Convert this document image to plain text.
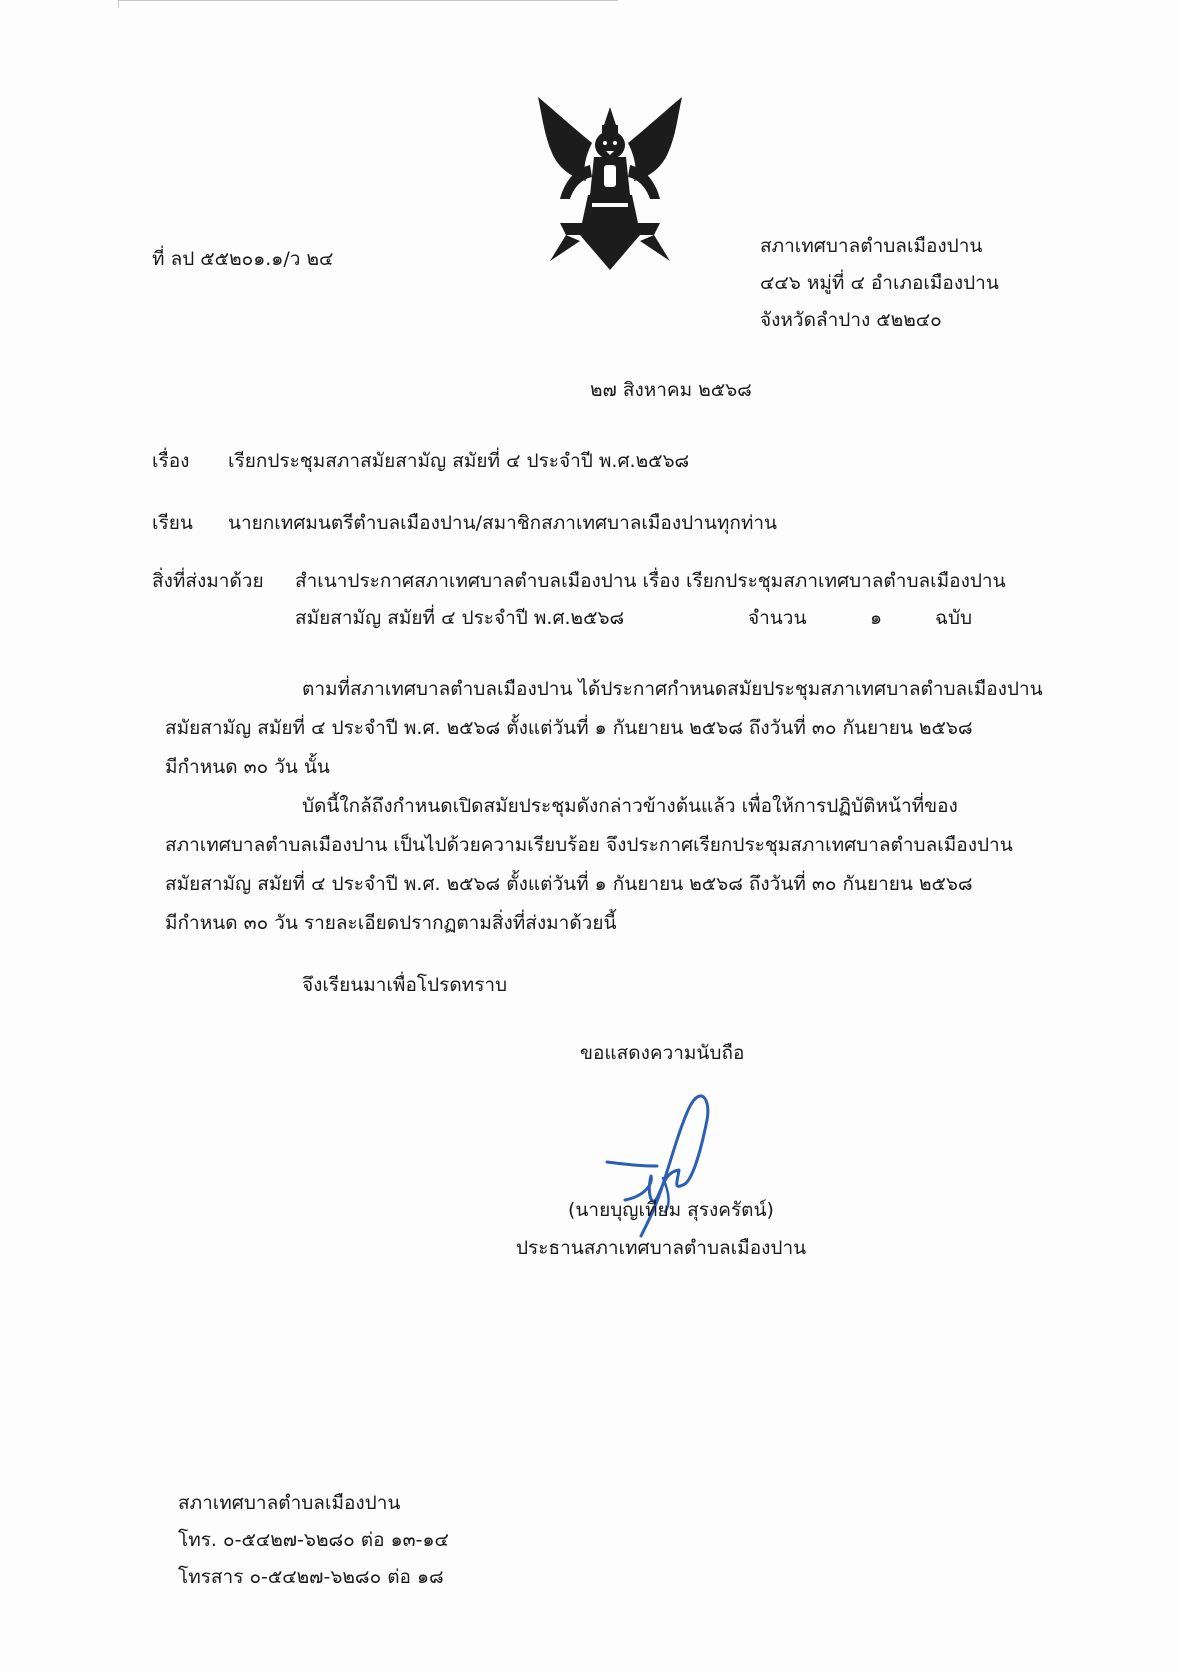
ที่ ลป ๕๕๒๐๑.๑/ว ๒๔
สภาเทศบาลตำบลเมืองปาน
๔๔๖ หมู่ที่ ๔ อำเภอเมืองปาน
จังหวัดลำปาง ๕๒๒๔๐
๒๗ สิงหาคม ๒๕๖๘
เรื่อง เรียกประชุมสภาสมัยสามัญ สมัยที่ ๔ ประจำปี พ.ศ.๒๕๖๘
เรียน นายกเทศมนตรีตำบลเมืองปาน/สมาชิกสภาเทศบาลเมืองปานทุกท่าน
สิ่งที่ส่งมาด้วย สำเนาประกาศสภาเทศบาลตำบลเมืองปาน เรื่อง เรียกประชุมสภาเทศบาลตำบลเมืองปาน
สมัยสามัญ สมัยที่ ๔ ประจำปี พ.ศ.๒๕๖๘	จำนวน	๑	ฉบับ
ตามที่สภาเทศบาลตำบลเมืองปาน ได้ประกาศกำหนดสมัยประชุมสภาเทศบาลตำบลเมืองปาน
สมัยสามัญ สมัยที่ ๔ ประจำปี พ.ศ. ๒๕๖๘ ตั้งแต่วันที่ ๑ กันยายน ๒๕๖๘ ถึงวันที่ ๓๐ กันยายน ๒๕๖๘
มีกำหนด ๓๐ วัน นั้น
บัดนี้ใกล้ถึงกำหนดเปิดสมัยประชุมดังกล่าวข้างต้นแล้ว เพื่อให้การปฏิบัติหน้าที่ของ
สภาเทศบาลตำบลเมืองปาน เป็นไปด้วยความเรียบร้อย จึงประกาศเรียกประชุมสภาเทศบาลตำบลเมืองปาน
สมัยสามัญ สมัยที่ ๔ ประจำปี พ.ศ. ๒๕๖๘ ตั้งแต่วันที่ ๑ กันยายน ๒๕๖๘ ถึงวันที่ ๓๐ กันยายน ๒๕๖๘
มีกำหนด ๓๐ วัน รายละเอียดปรากฏตามสิ่งที่ส่งมาด้วยนี้
จึงเรียนมาเพื่อโปรดทราบ
ขอแสดงความนับถือ
(นายบุญเทียม สุรงครัตน์)
ประธานสภาเทศบาลตำบลเมืองปาน
สภาเทศบาลตำบลเมืองปาน
โทร. ๐-๕๔๒๗-๖๒๘๐ ต่อ ๑๓-๑๔
โทรสาร ๐-๕๔๒๗-๖๒๘๐ ต่อ ๑๘
